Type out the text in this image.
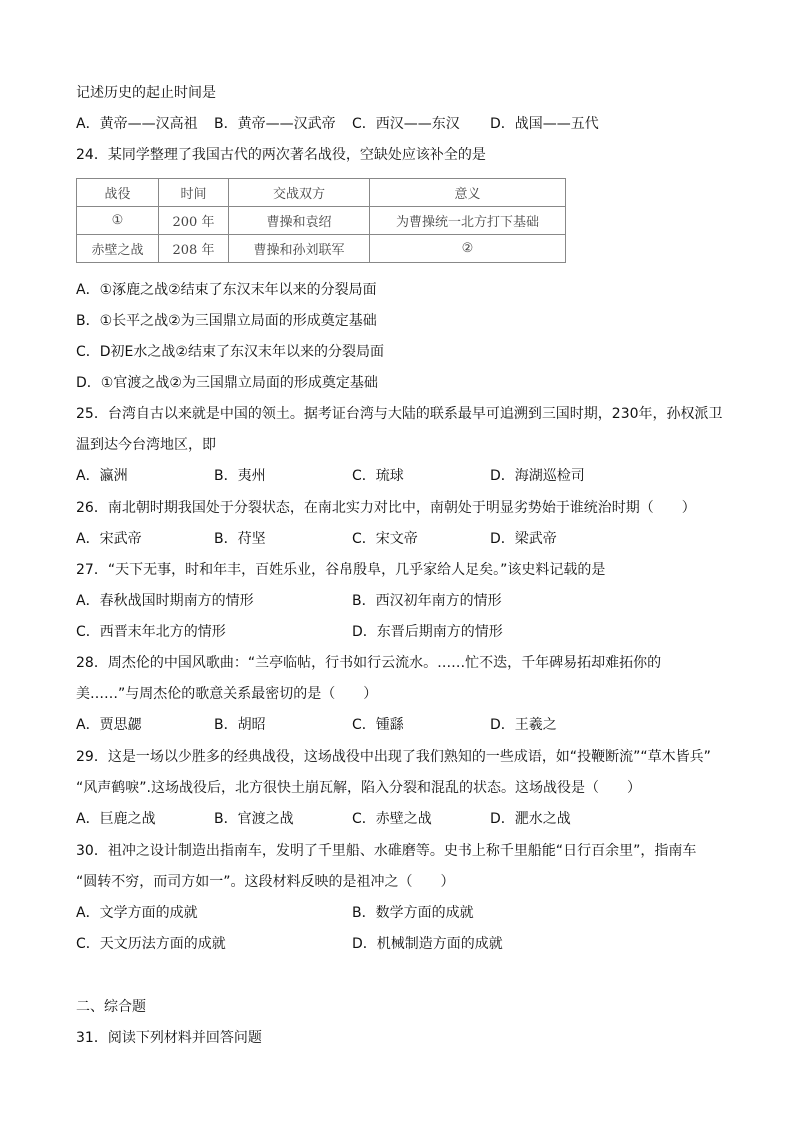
记述历史的起止时间是
A．黄帝——汉高祖 B．黄帝——汉武帝 C．西汉——东汉 D．战国——五代
24．某同学整理了我国古代的两次著名战役，空缺处应该补全的是
战役	时间	交战双方	意义
①	200 年	曹操和袁绍	为曹操统一北方打下基础
赤壁之战	208 年	曹操和孙刘联军	②
A．①涿鹿之战②结束了东汉末年以来的分裂局面
B．①长平之战②为三国鼎立局面的形成奠定基础
C．D初E水之战②结束了东汉末年以来的分裂局面
D．①官渡之战②为三国鼎立局面的形成奠定基础
25．台湾自古以来就是中国的领土。据考证台湾与大陆的联系最早可追溯到三国时期，230年，孙权派卫
温到达今台湾地区，即
A．瀛洲	B．夷州	C．琉球	D．海湖巡检司
26．南北朝时期我国处于分裂状态，在南北实力对比中，南朝处于明显劣势始于谁统治时期（　　）
A．宋武帝	B．苻坚	C．宋文帝	D．梁武帝
27．“天下无事，时和年丰，百姓乐业，谷帛殷阜，几乎家给人足矣。”该史料记载的是
A．春秋战国时期南方的情形	B．西汉初年南方的情形
C．西晋末年北方的情形	D．东晋后期南方的情形
28．周杰伦的中国风歌曲：“兰亭临帖，行书如行云流水。……忙不迭，千年碑易拓却难拓你的
美……”与周杰伦的歌意关系最密切的是（　　）
A．贾思勰	B．胡昭	C．锺繇	D．王羲之
29．这是一场以少胜多的经典战役，这场战役中出现了我们熟知的一些成语，如“投鞭断流”“草木皆兵”
“风声鹤唳”.这场战役后，北方很快土崩瓦解，陷入分裂和混乱的状态。这场战役是（　　）
A．巨鹿之战	B．官渡之战	C．赤壁之战	D．淝水之战
30．祖冲之设计制造出指南车，发明了千里船、水碓磨等。史书上称千里船能“日行百余里”，指南车
“圆转不穷，而司方如一”。这段材料反映的是祖冲之（　　）
A．文学方面的成就	B．数学方面的成就
C．天文历法方面的成就	D．机械制造方面的成就
二、综合题
31．阅读下列材料并回答问题
